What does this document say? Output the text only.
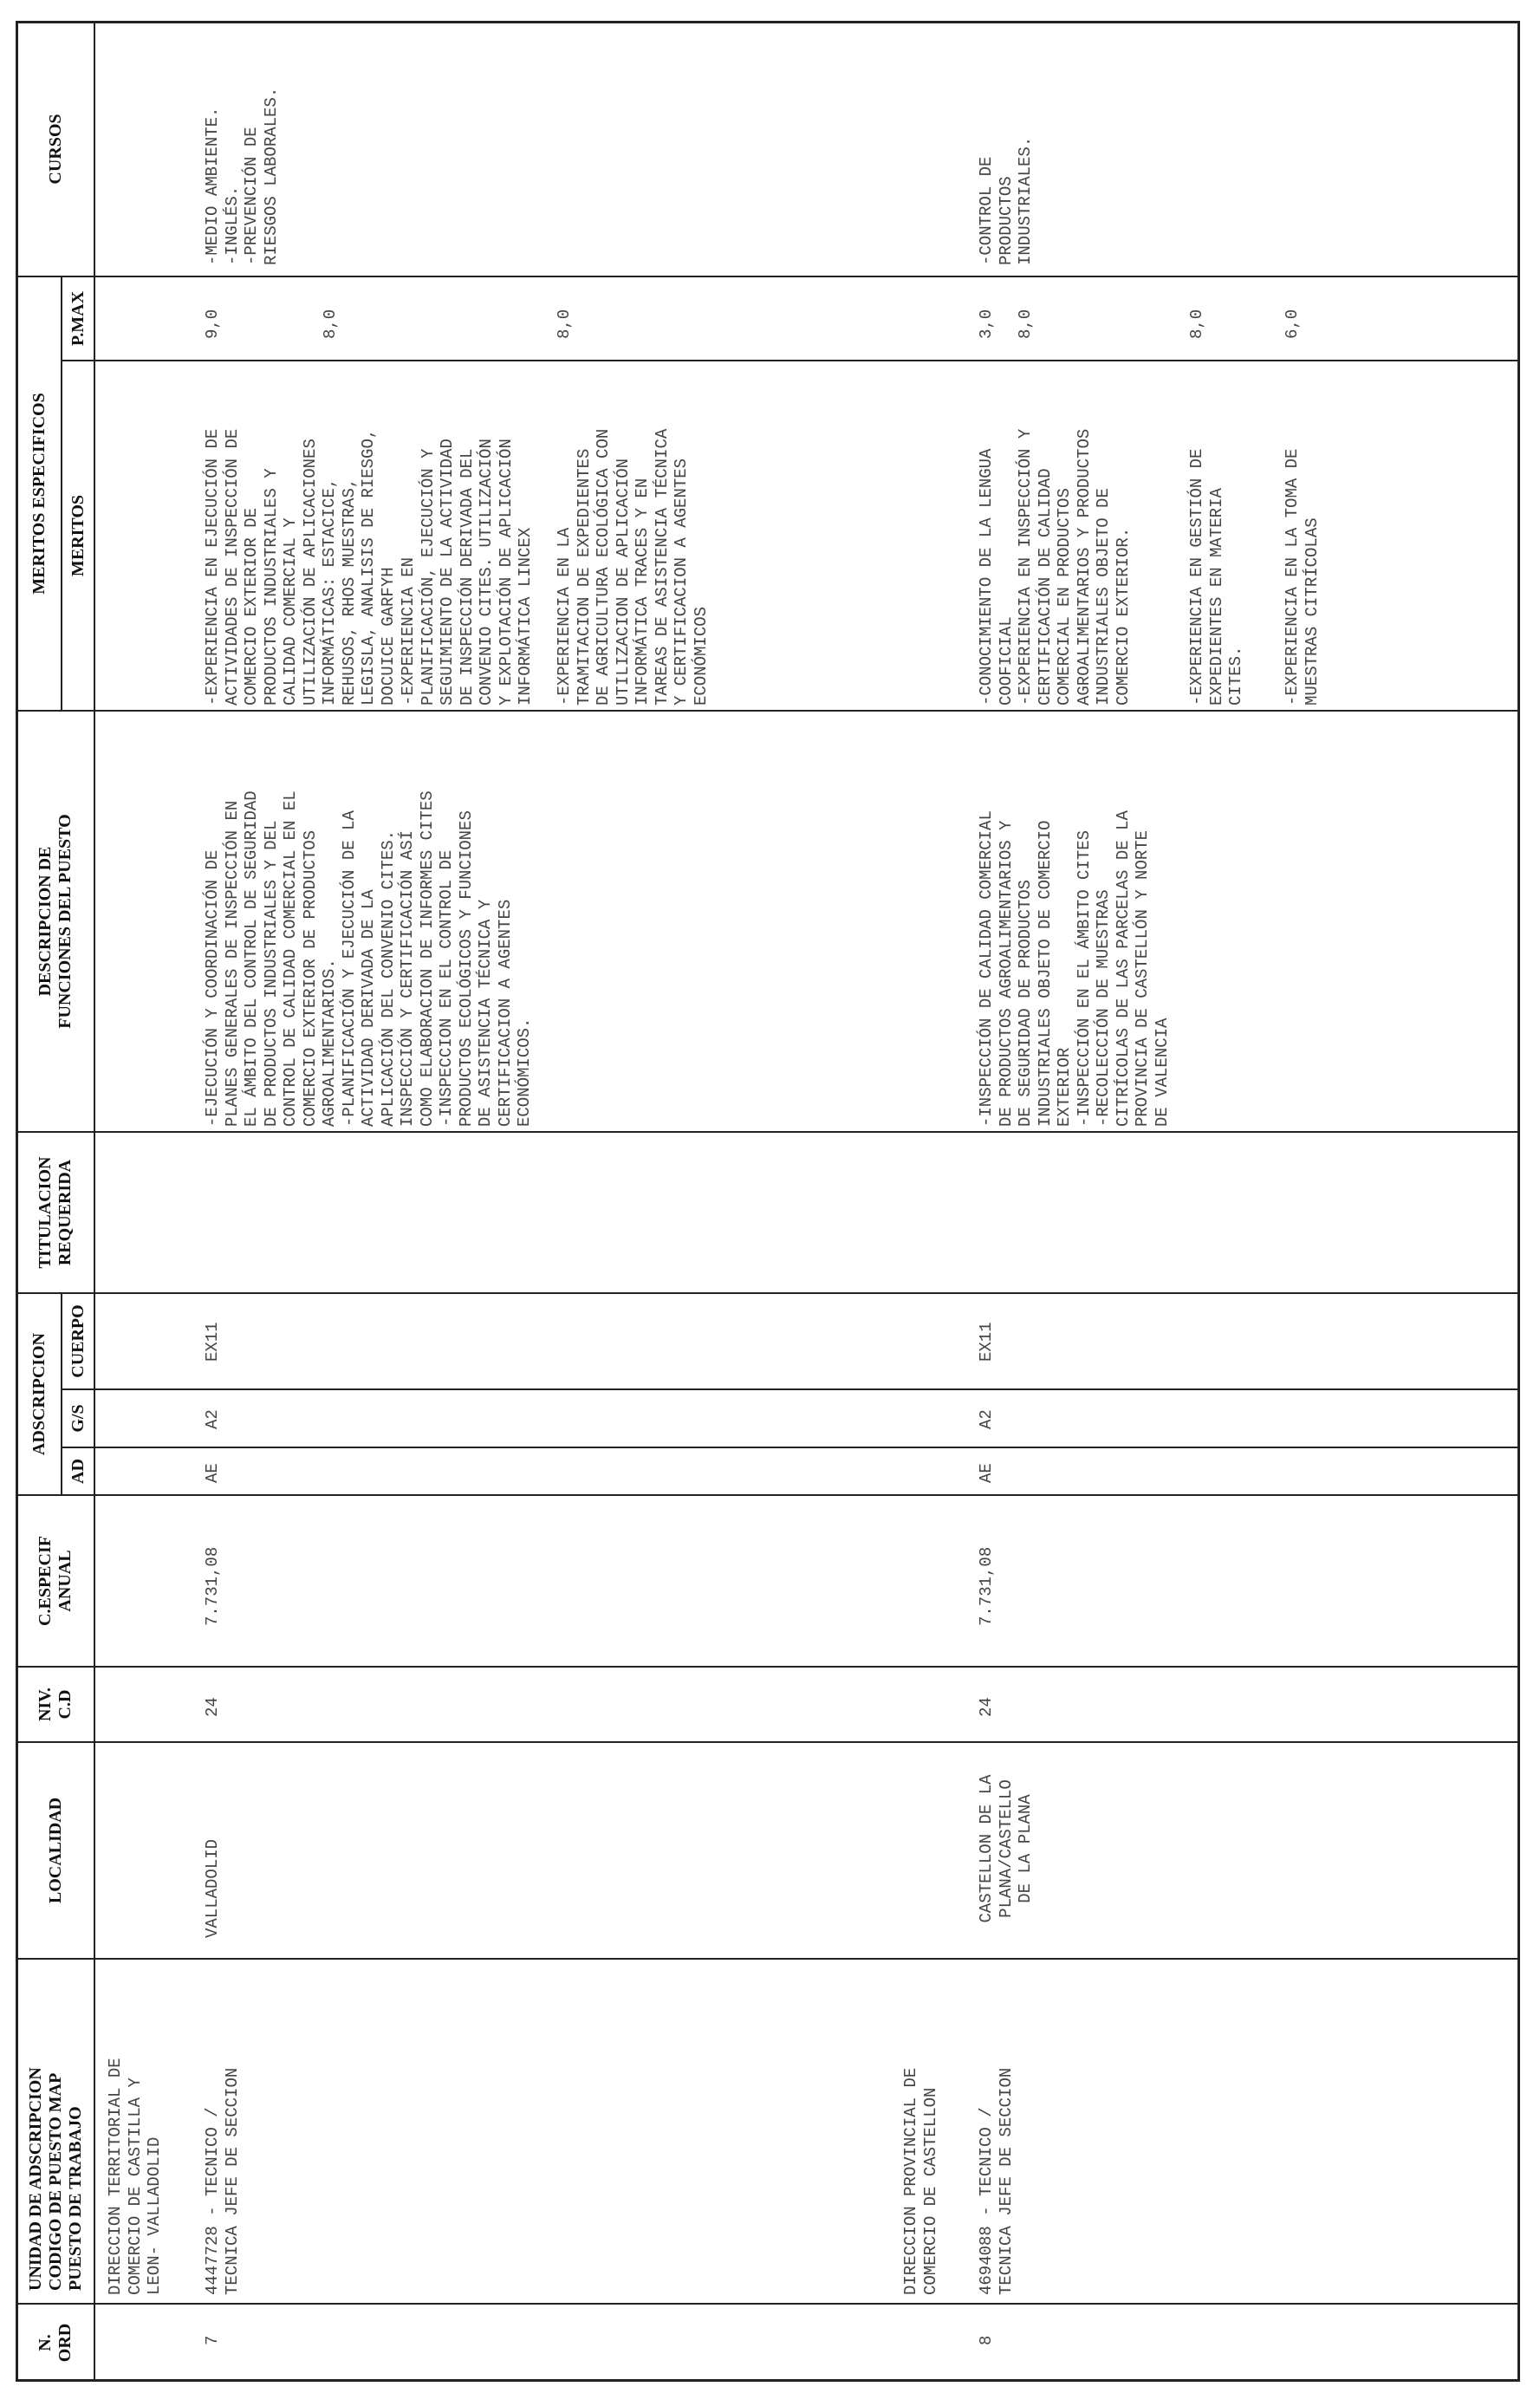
N.
ORD
UNIDAD DE ADSCRIPCION
CODIGO DE PUESTO MAP
PUESTO DE TRABAJO
LOCALIDAD
NIV.
C.D
C.ESPECIF
ANUAL
ADSCRIPCION
AD
G/S
CUERPO
TITULACION
REQUERIDA
DESCRIPCION DE
FUNCIONES DEL PUESTO
MERITOS ESPECIFICOS	MERITOS
P.MAX
CURSOS
DIRECCION TERRITORIAL DE
COMERCIO DE CASTILLA Y
LEON- VALLADOLID
7
4447728 - TECNICO /
TECNICA JEFE DE SECCION
VALLADOLID
24
7.731,08
AE
A2
EX11
-EJECUCIÓN Y COORDINACIÓN DE
PLANES GENERALES DE INSPECCIÓN EN
EL ÁMBITO DEL CONTROL DE SEGURIDAD
DE PRODUCTOS INDUSTRIALES Y DEL
CONTROL DE CALIDAD COMERCIAL EN EL
COMERCIO EXTERIOR DE PRODUCTOS
AGROALIMENTARIOS.
-PLANIFICACIÓN Y EJECUCIÓN DE LA
ACTIVIDAD DERIVADA DE LA
APLICACIÓN DEL CONVENIO CITES.
INSPECCIÓN Y CERTIFICACIÓN ASÍ
COMO ELABORACION DE INFORMES CITES
-INSPECCION EN EL CONTROL DE
PRODUCTOS ECOLÓGICOS Y FUNCIONES
DE ASISTENCIA TÉCNICA Y
CERTIFICACION A AGENTES
ECONÓMICOS.
-EXPERIENCIA EN EJECUCIÓN DE
ACTIVIDADES DE INSPECCIÓN DE
COMERCIO EXTERIOR DE
PRODUCTOS INDUSTRIALES Y
CALIDAD COMERCIAL Y
UTILIZACIÓN DE APLICACIONES
INFORMÁTICAS: ESTACICE,
REHUSOS, RHOS MUESTRAS,
LEGISLA, ANALISIS DE RIESGO,
DOCUICE GARFYH
9,0
-EXPERIENCIA EN
PLANIFICACIÓN, EJECUCIÓN Y
SEGUIMIENTO DE LA ACTIVIDAD
DE INSPECCIÓN DERIVADA DEL
CONVENIO CITES. UTILIZACIÓN
Y EXPLOTACIÓN DE APLICACIÓN
INFORMÁTICA LINCEX
8,0
-EXPERIENCIA EN LA
TRAMITACION DE EXPEDIENTES
DE AGRICULTURA ECOLÓGICA CON
UTILIZACION DE APLICACIÓN
INFORMÁTICA TRACES Y EN
TAREAS DE ASISTENCIA TÉCNICA
Y CERTIFICACION A AGENTES
ECONÓMICOS
8,0
-MEDIO AMBIENTE.
-INGLÉS.
-PREVENCIÓN DE
RIESGOS LABORALES.
DIRECCION PROVINCIAL DE
COMERCIO DE CASTELLON
8
4694088 - TECNICO /
TECNICA JEFE DE SECCION
CASTELLON DE LA
PLANA/CASTELLO
DE LA PLANA
24
7.731,08
AE
A2
EX11
-INSPECCIÓN DE CALIDAD COMERCIAL
DE PRODUCTOS AGROALIMENTARIOS Y
DE SEGURIDAD DE PRODUCTOS
INDUSTRIALES OBJETO DE COMERCIO
EXTERIOR
-INSPECCIÓN EN EL ÁMBITO CITES
-RECOLECCIÓN DE MUESTRAS
CITRÍCOLAS DE LAS PARCELAS DE LA
PROVINCIA DE CASTELLÓN Y NORTE
DE VALENCIA
-CONOCIMIENTO DE LA LENGUA
COOFICIAL
3,0
-EXPERIENCIA EN INSPECCIÓN Y
CERTIFICACIÓN DE CALIDAD
COMERCIAL EN PRODUCTOS
AGROALIMENTARIOS Y PRODUCTOS
INDUSTRIALES OBJETO DE
COMERCIO EXTERIOR.
8,0
-EXPERIENCIA EN GESTIÓN DE
EXPEDIENTES EN MATERIA
CITES.
8,0
-EXPERIENCIA EN LA TOMA DE
MUESTRAS CITRÍCOLAS
6,0
-CONTROL DE
PRODUCTOS
INDUSTRIALES.
